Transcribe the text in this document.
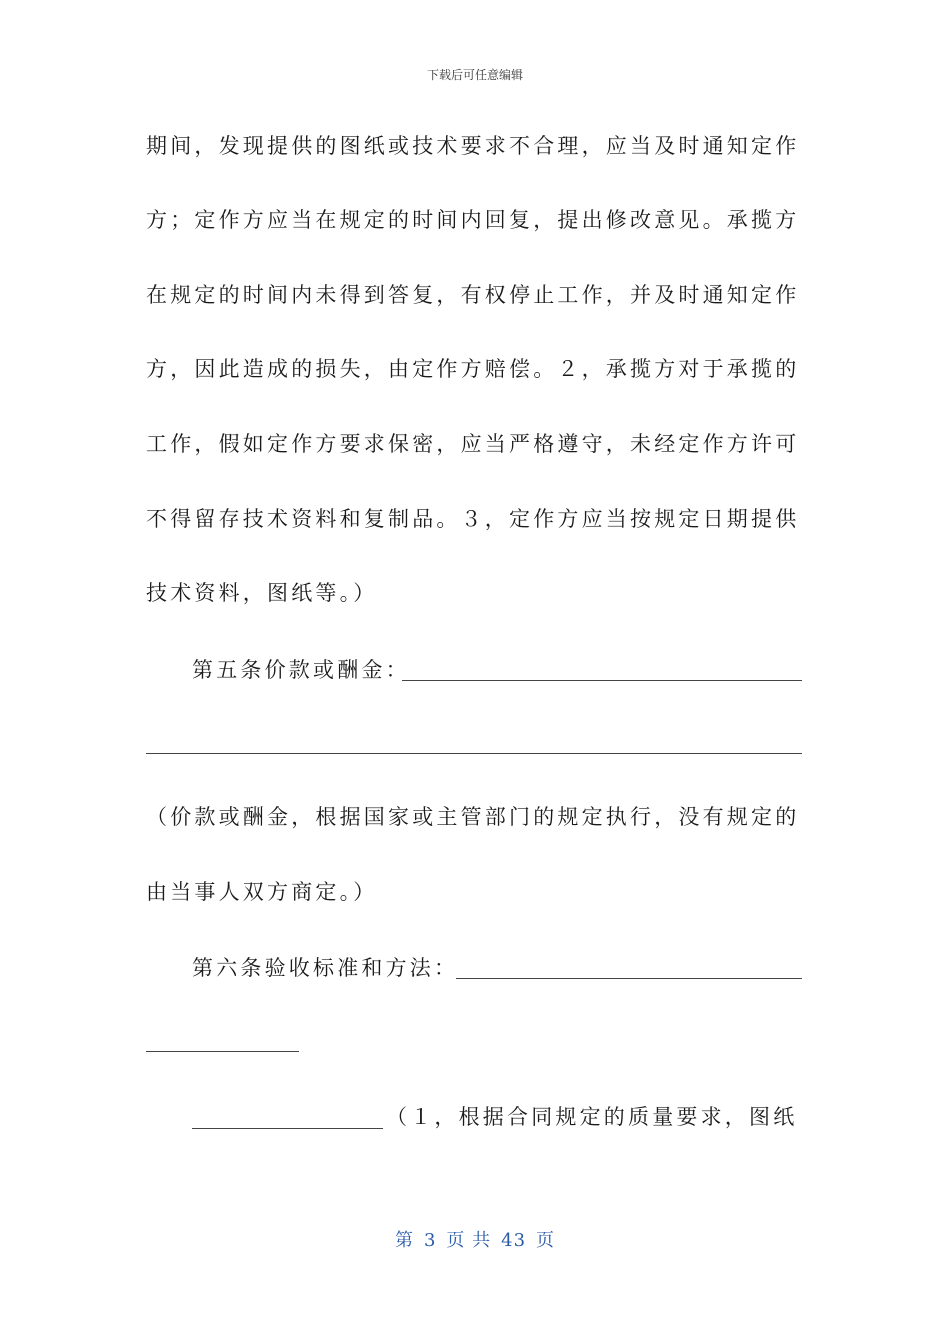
下载后可任意编辑
期间，发现提供的图纸或技术要求不合理，应当及时通知定作
方；定作方应当在规定的时间内回复，提出修改意见。承揽方
在规定的时间内未得到答复，有权停止工作，并及时通知定作
方，因此造成的损失，由定作方赔偿。２，承揽方对于承揽的
工作，假如定作方要求保密，应当严格遵守，未经定作方许可
不得留存技术资料和复制品。３，定作方应当按规定日期提供
技术资料，图纸等。）
第五条价款或酬金：
（价款或酬金，根据国家或主管部门的规定执行，没有规定的
由当事人双方商定。）
第六条验收标准和方法：
（１，根据合同规定的质量要求，图纸
第 3 页 共 43 页
